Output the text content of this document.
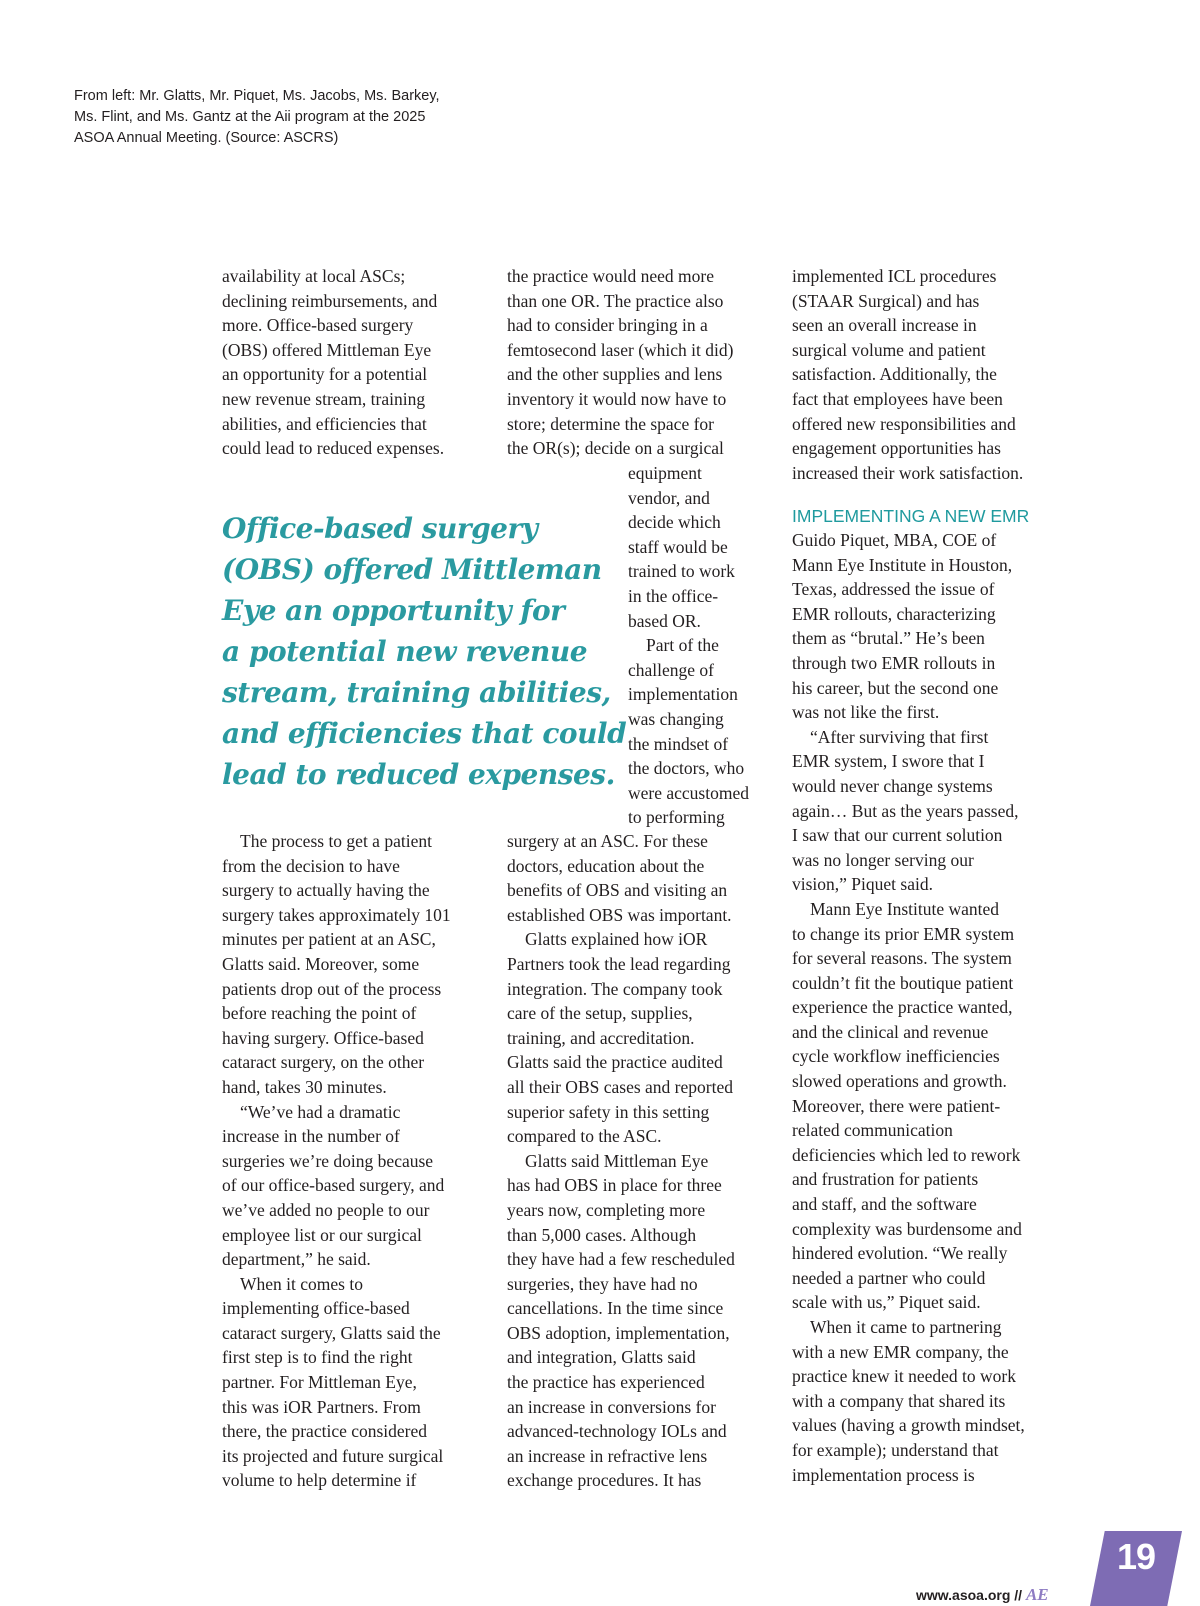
From left: Mr. Glatts, Mr. Piquet, Ms. Jacobs, Ms. Barkey,
Ms. Flint, and Ms. Gantz at the Aii program at the 2025
ASOA Annual Meeting. (Source: ASCRS)
availability at local ASCs;
declining reimbursements, and
more. Office-based surgery
(OBS) offered Mittleman Eye
an opportunity for a potential
new revenue stream, training
abilities, and efficiencies that
could lead to reduced expenses.
Office-based surgery
(OBS) offered Mittleman
Eye an opportunity for
a potential new revenue
stream, training abilities,
and efficiencies that could
lead to reduced expenses.
The process to get a patient
from the decision to have
surgery to actually having the
surgery takes approximately 101
minutes per patient at an ASC,
Glatts said. Moreover, some
patients drop out of the process
before reaching the point of
having surgery. Office-based
cataract surgery, on the other
hand, takes 30 minutes.
“We’ve had a dramatic
increase in the number of
surgeries we’re doing because
of our office-based surgery, and
we’ve added no people to our
employee list or our surgical
department,” he said.
When it comes to
implementing office-based
cataract surgery, Glatts said the
first step is to find the right
partner. For Mittleman Eye,
this was iOR Partners. From
there, the practice considered
its projected and future surgical
volume to help determine if
the practice would need more
than one OR. The practice also
had to consider bringing in a
femtosecond laser (which it did)
and the other supplies and lens
inventory it would now have to
store; determine the space for
the OR(s); decide on a surgical
equipment
vendor, and
decide which
staff would be
trained to work
in the office-
based OR.
Part of the
challenge of
implementation
was changing
the mindset of
the doctors, who
were accustomed
to performing
surgery at an ASC. For these
doctors, education about the
benefits of OBS and visiting an
established OBS was important.
Glatts explained how iOR
Partners took the lead regarding
integration. The company took
care of the setup, supplies,
training, and accreditation.
Glatts said the practice audited
all their OBS cases and reported
superior safety in this setting
compared to the ASC.
Glatts said Mittleman Eye
has had OBS in place for three
years now, completing more
than 5,000 cases. Although
they have had a few rescheduled
surgeries, they have had no
cancellations. In the time since
OBS adoption, implementation,
and integration, Glatts said
the practice has experienced
an increase in conversions for
advanced-technology IOLs and
an increase in refractive lens
exchange procedures. It has
implemented ICL procedures
(STAAR Surgical) and has
seen an overall increase in
surgical volume and patient
satisfaction. Additionally, the
fact that employees have been
offered new responsibilities and
engagement opportunities has
increased their work satisfaction.
IMPLEMENTING A NEW EMR
Guido Piquet, MBA, COE of
Mann Eye Institute in Houston,
Texas, addressed the issue of
EMR rollouts, characterizing
them as “brutal.” He’s been
through two EMR rollouts in
his career, but the second one
was not like the first.
“After surviving that first
EMR system, I swore that I
would never change systems
again… But as the years passed,
I saw that our current solution
was no longer serving our
vision,” Piquet said.
Mann Eye Institute wanted
to change its prior EMR system
for several reasons. The system
couldn’t fit the boutique patient
experience the practice wanted,
and the clinical and revenue
cycle workflow inefficiencies
slowed operations and growth.
Moreover, there were patient-
related communication
deficiencies which led to rework
and frustration for patients
and staff, and the software
complexity was burdensome and
hindered evolution. “We really
needed a partner who could
scale with us,” Piquet said.
When it came to partnering
with a new EMR company, the
practice knew it needed to work
with a company that shared its
values (having a growth mindset,
for example); understand that
implementation process is
www.asoa.org // AE
19
